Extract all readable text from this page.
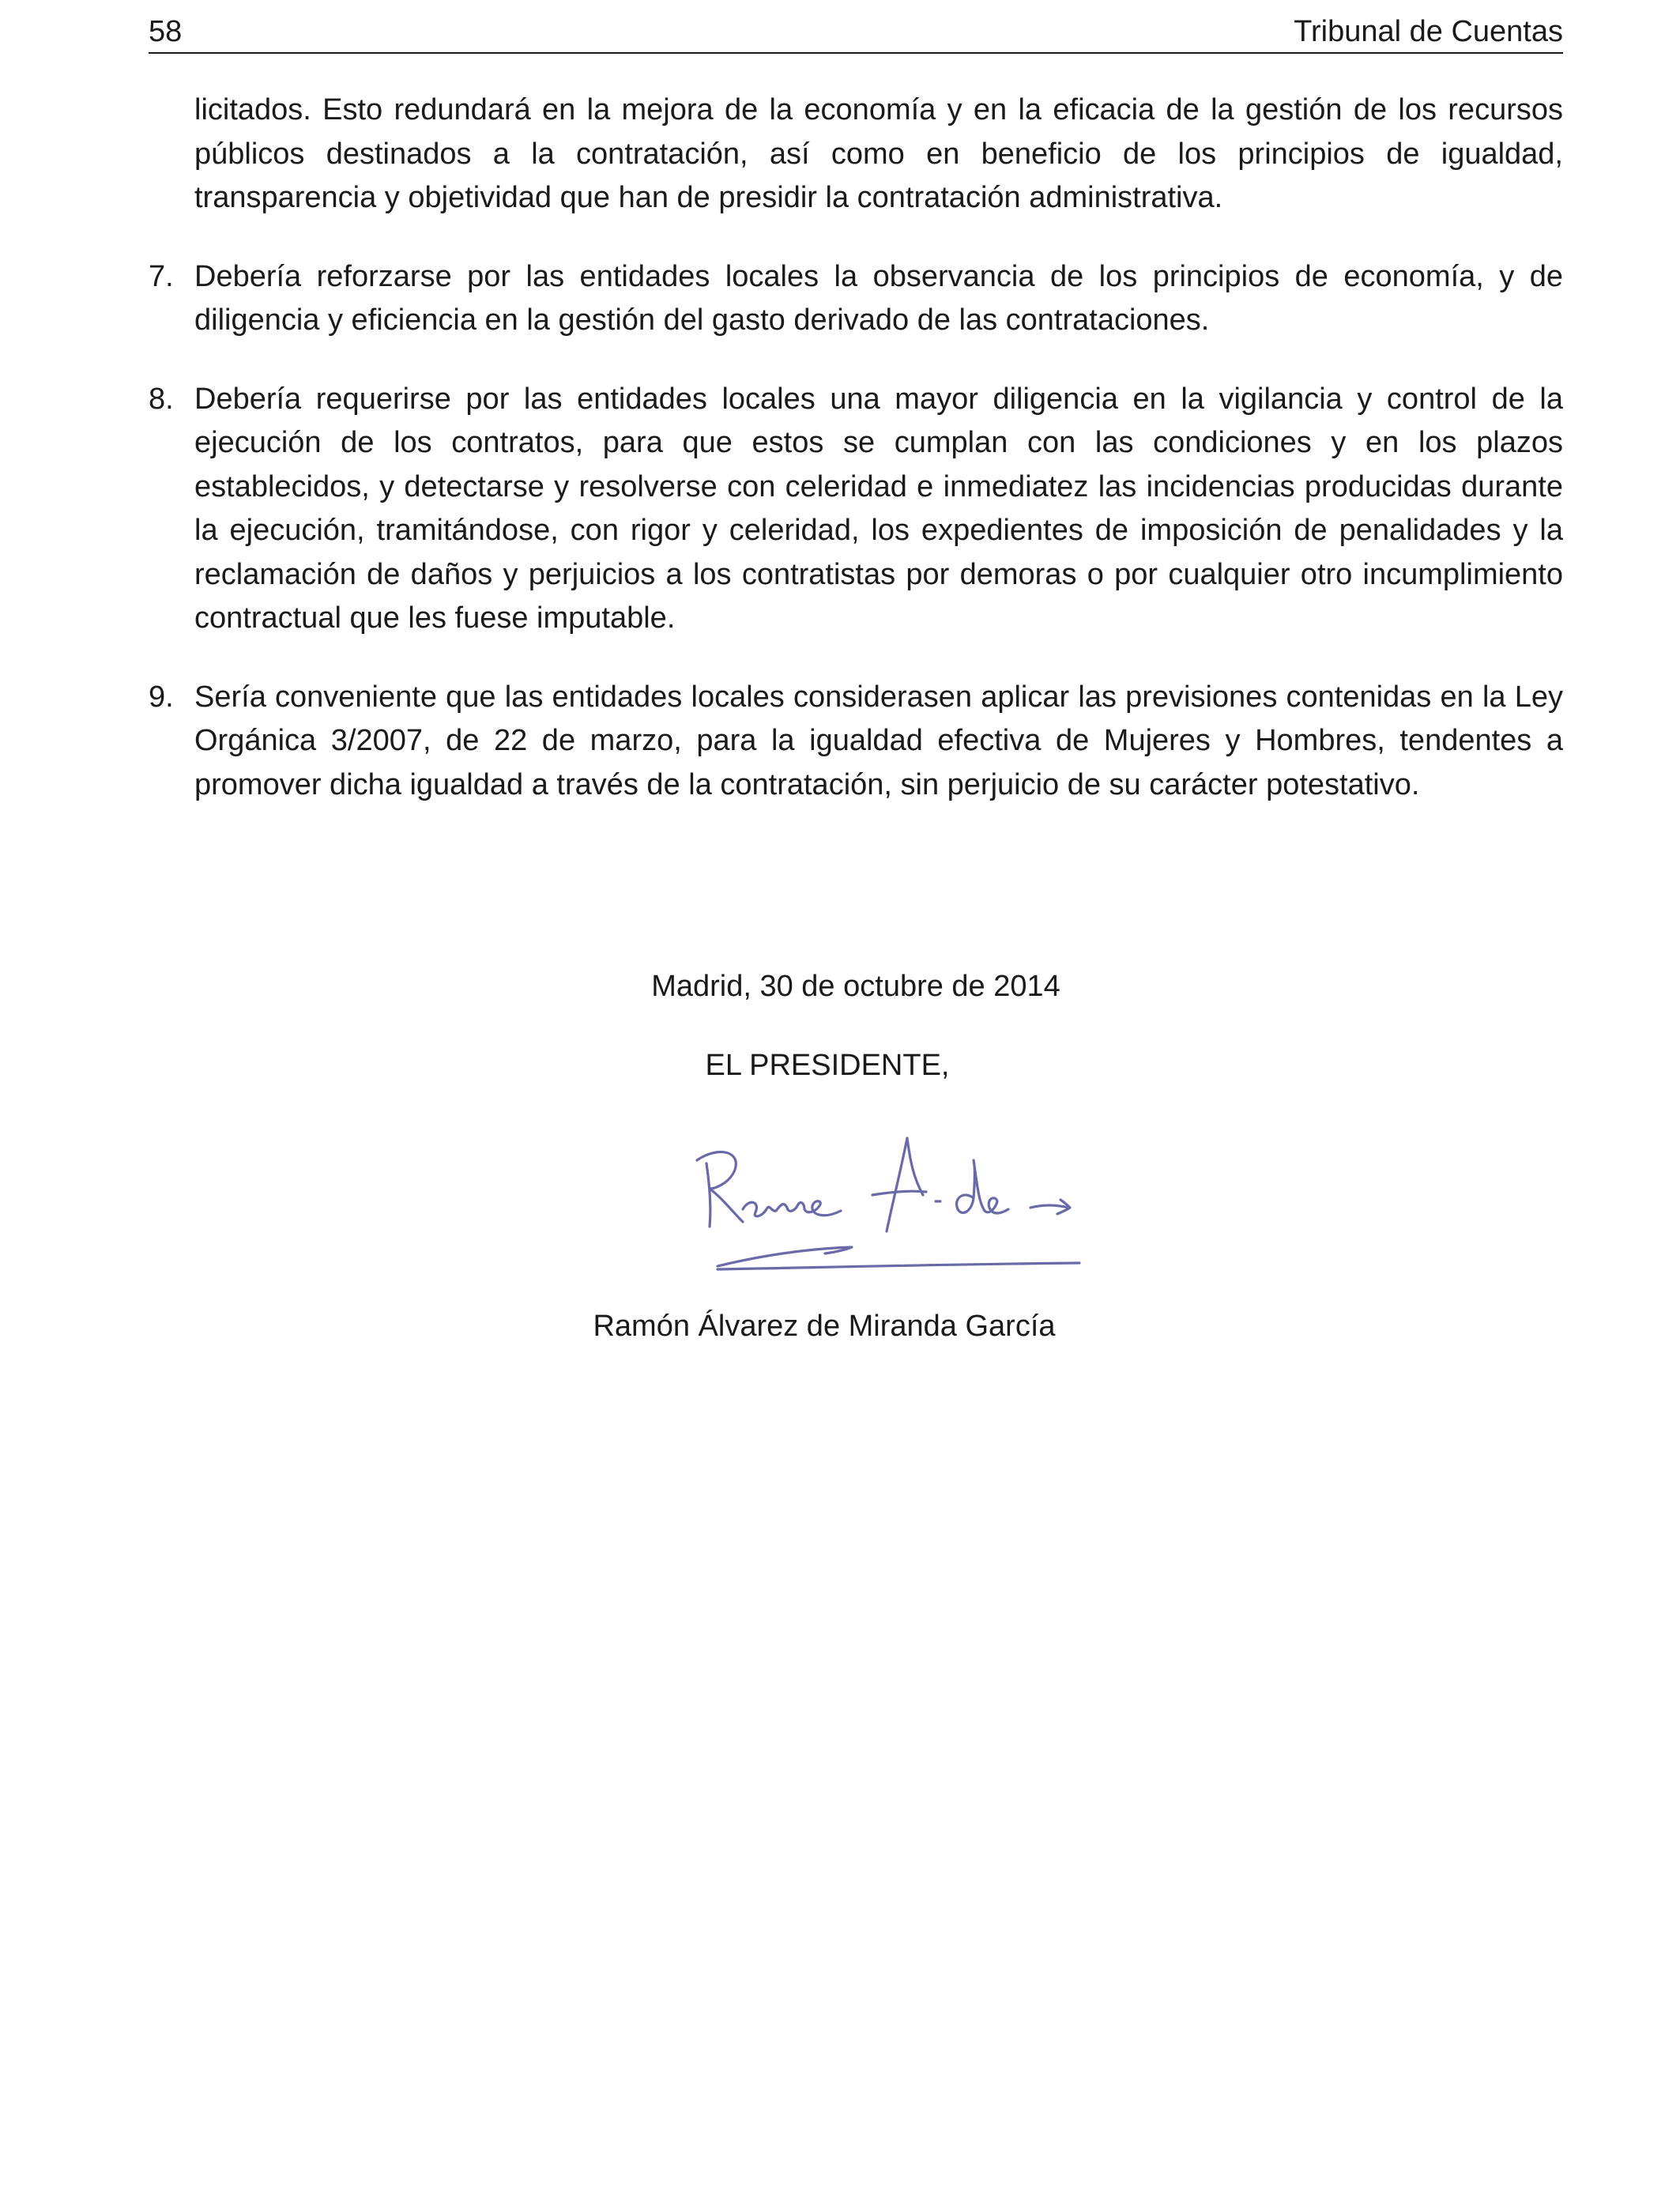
58	Tribunal de Cuentas

licitados. Esto redundará en la mejora de la economía y en la eficacia de la gestión de los recursos públicos destinados a la contratación, así como en beneficio de los principios de igualdad, transparencia y objetividad que han de presidir la contratación administrativa.

7. Debería reforzarse por las entidades locales la observancia de los principios de economía, y de diligencia y eficiencia en la gestión del gasto derivado de las contrataciones.
8. Debería requerirse por las entidades locales una mayor diligencia en la vigilancia y control de la ejecución de los contratos, para que estos se cumplan con las condiciones y en los plazos establecidos, y detectarse y resolverse con celeridad e inmediatez las incidencias producidas durante la ejecución, tramitándose, con rigor y celeridad, los expedientes de imposición de penalidades y la reclamación de daños y perjuicios a los contratistas por demoras o por cualquier otro incumplimiento contractual que les fuese imputable.
9. Sería conveniente que las entidades locales considerasen aplicar las previsiones contenidas en la Ley Orgánica 3/2007, de 22 de marzo, para la igualdad efectiva de Mujeres y Hombres, tendentes a promover dicha igualdad a través de la contratación, sin perjuicio de su carácter potestativo.
Madrid, 30 de octubre de 2014
EL PRESIDENTE,
Ramón Álvarez de Miranda García
